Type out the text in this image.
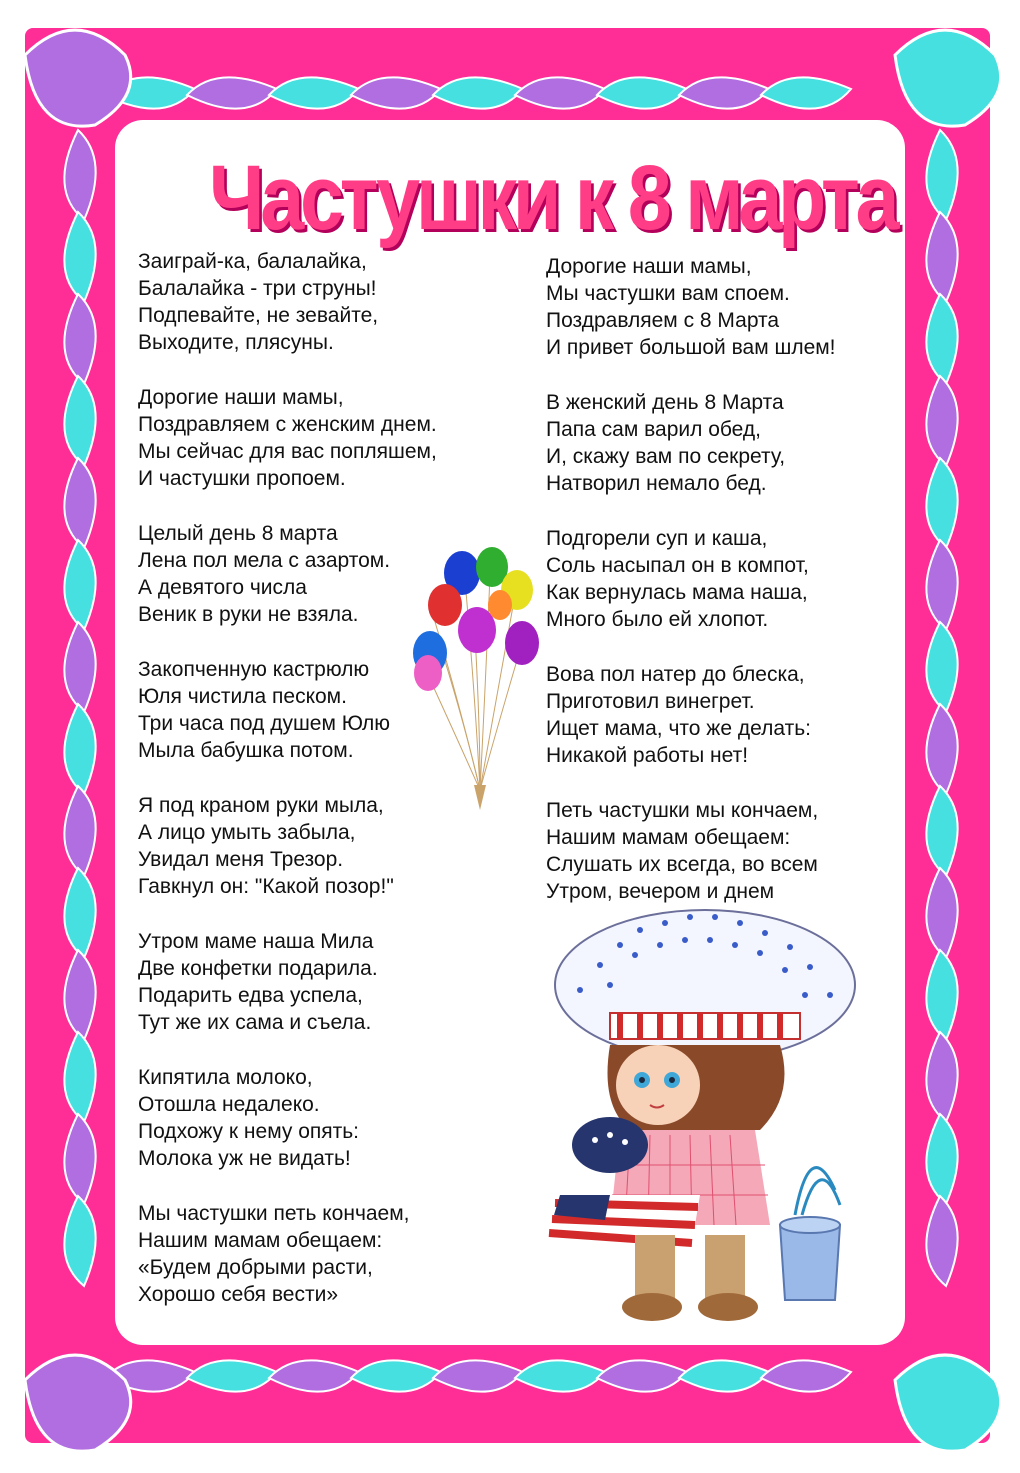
Частушки к 8 марта
Заиграй-ка, балалайка,
Балалайка - три струны!
Подпевайте, не зевайте,
Выходите, плясуны.
Дорогие наши мамы,
Поздравляем с женским днем.
Мы сейчас для вас попляшем,
И частушки пропоем.
Целый день 8 марта
Лена пол мела с азартом.
А девятого числа
Веник в руки не взяла.
Закопченную кастрюлю
Юля чистила песком.
Три часа под душем Юлю
Мыла бабушка потом.
Я под краном руки мыла,
А лицо умыть забыла,
Увидал меня Трезор.
Гавкнул он: "Какой позор!"
Утром маме наша Мила
Две конфетки подарила.
Подарить едва успела,
Тут же их сама и съела.
Кипятила молоко,
Отошла недалеко.
Подхожу к нему опять:
Молока уж не видать!
Мы частушки петь кончаем,
Нашим мамам обещаем:
«Будем добрыми расти,
Хорошо себя вести»
Дорогие наши мамы,
Мы частушки вам споем.
Поздравляем с 8 Марта
И привет большой вам шлем!
В женский день 8 Марта
Папа сам варил обед,
И, скажу вам по секрету,
Натворил немало бед.
Подгорели суп и каша,
Соль насыпал он в компот,
Как вернулась мама наша,
Много было ей хлопот.
Вова пол натер до блеска,
Приготовил винегрет.
Ищет мама, что же делать:
Никакой работы нет!
Петь частушки мы кончаем,
Нашим мамам обещаем:
Слушать их всегда, во всем
Утром, вечером и днем
